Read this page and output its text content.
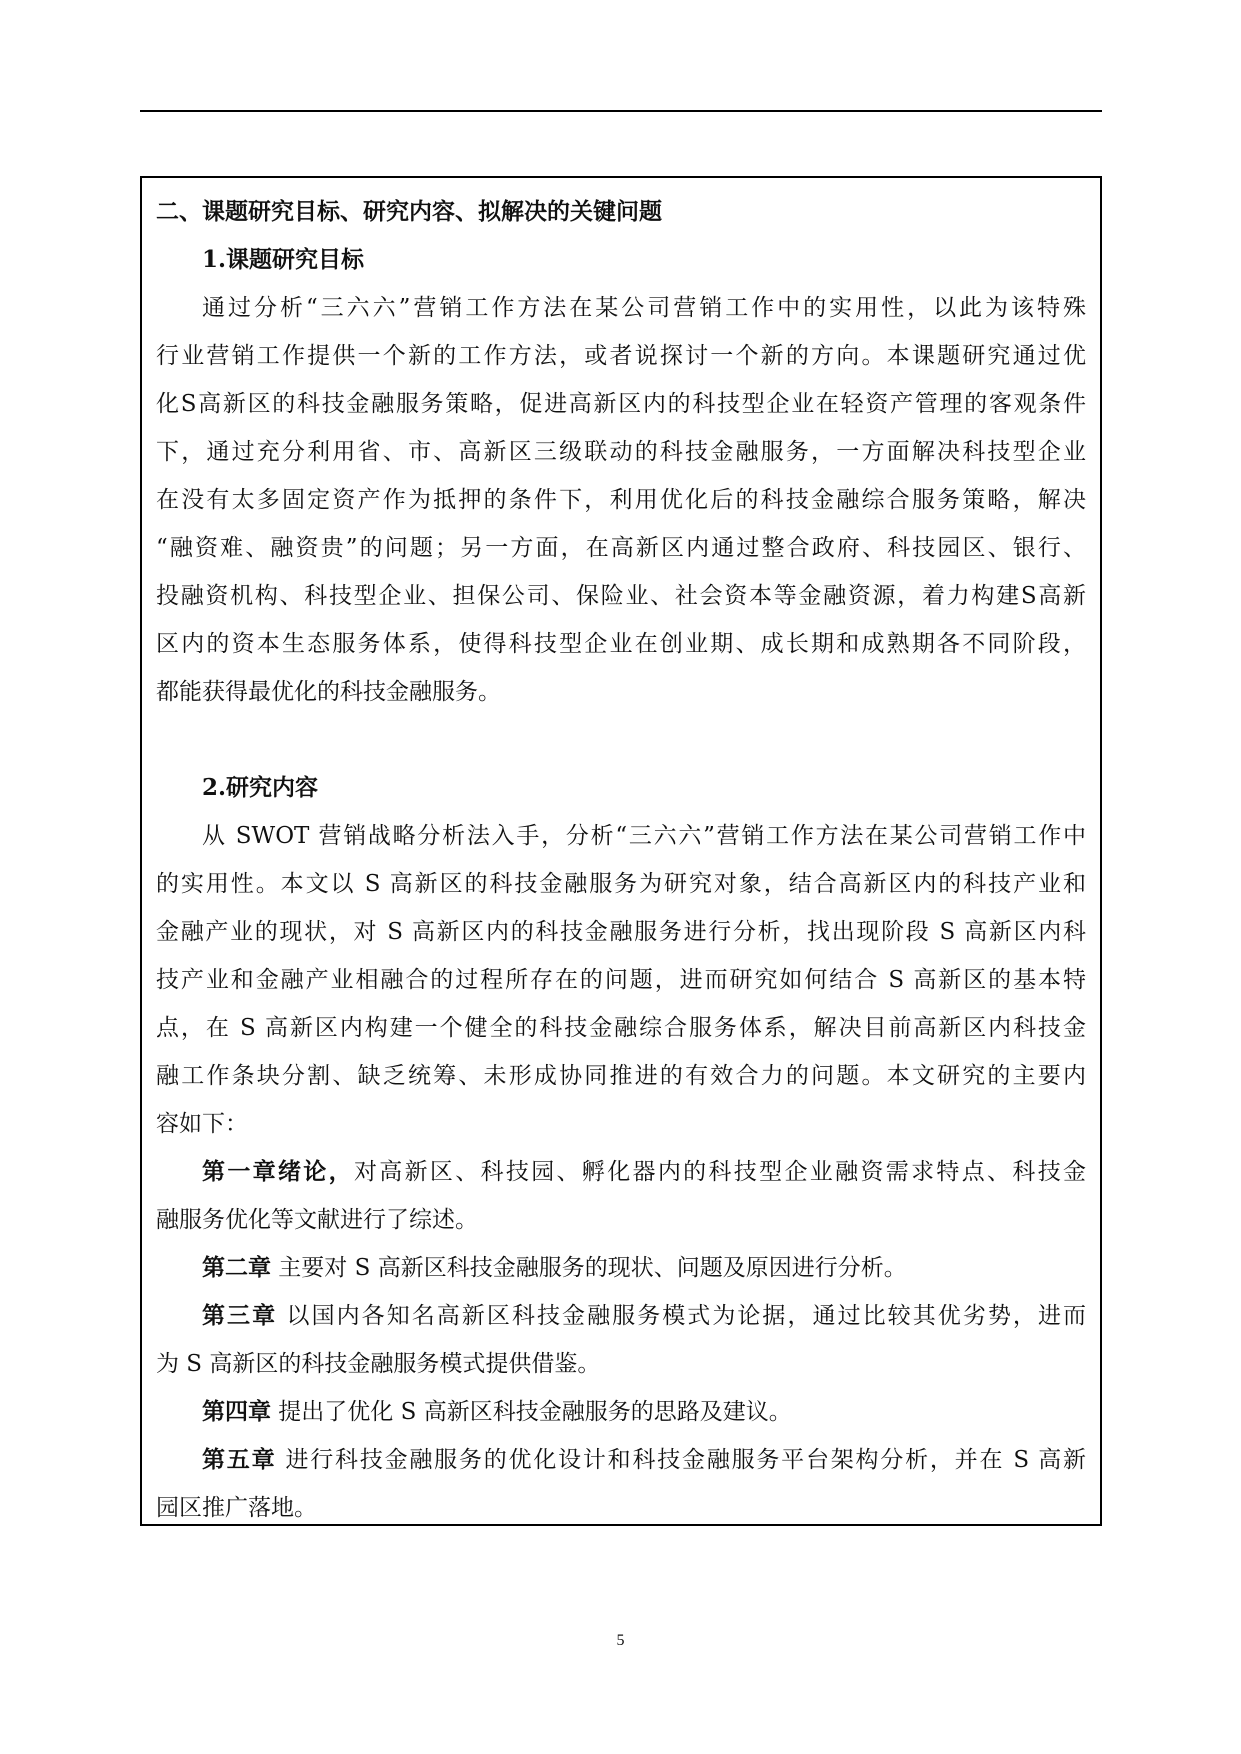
二、课题研究目标、研究内容、拟解决的关键问题
1.课题研究目标
通过分析“三六六”营销工作方法在某公司营销工作中的实用性，以此为该特殊
行业营销工作提供一个新的工作方法，或者说探讨一个新的方向。本课题研究通过优
化S高新区的科技金融服务策略，促进高新区内的科技型企业在轻资产管理的客观条件
下，通过充分利用省、市、高新区三级联动的科技金融服务，一方面解决科技型企业
在没有太多固定资产作为抵押的条件下，利用优化后的科技金融综合服务策略，解决
“融资难、融资贵”的问题；另一方面，在高新区内通过整合政府、科技园区、银行、
投融资机构、科技型企业、担保公司、保险业、社会资本等金融资源，着力构建S高新
区内的资本生态服务体系，使得科技型企业在创业期、成长期和成熟期各不同阶段，
都能获得最优化的科技金融服务。
2.研究内容
从 SWOT 营销战略分析法入手，分析“三六六”营销工作方法在某公司营销工作中
的实用性。本文以 S 高新区的科技金融服务为研究对象，结合高新区内的科技产业和
金融产业的现状，对 S 高新区内的科技金融服务进行分析，找出现阶段 S 高新区内科
技产业和金融产业相融合的过程所存在的问题，进而研究如何结合 S 高新区的基本特
点，在 S 高新区内构建一个健全的科技金融综合服务体系，解决目前高新区内科技金
融工作条块分割、缺乏统筹、未形成协同推进的有效合力的问题。本文研究的主要内
容如下：
第一章绪论，对高新区、科技园、孵化器内的科技型企业融资需求特点、科技金
融服务优化等文献进行了综述。
第二章 主要对 S 高新区科技金融服务的现状、问题及原因进行分析。
第三章 以国内各知名高新区科技金融服务模式为论据，通过比较其优劣势，进而
为 S 高新区的科技金融服务模式提供借鉴。
第四章 提出了优化 S 高新区科技金融服务的思路及建议。
第五章 进行科技金融服务的优化设计和科技金融服务平台架构分析，并在 S 高新
园区推广落地。
5
